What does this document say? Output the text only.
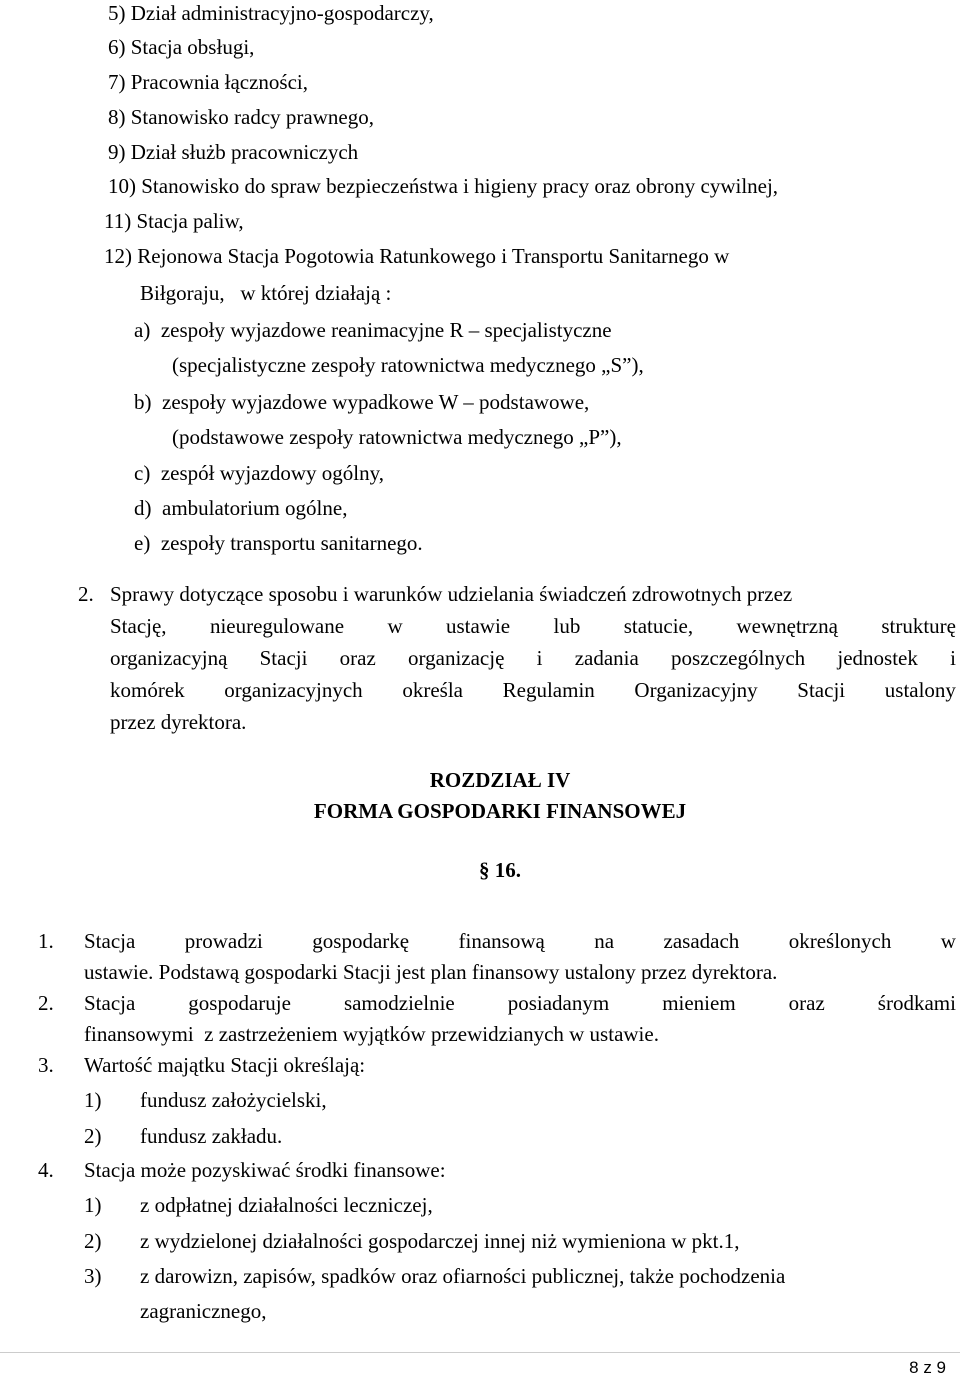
5) Dział administracyjno-gospodarczy,
6) Stacja obsługi,
7) Pracownia łączności,
8) Stanowisko radcy prawnego,
9) Dział służb pracowniczych
10) Stanowisko do spraw bezpieczeństwa i higieny pracy oraz obrony cywilnej,
11) Stacja paliw,
12) Rejonowa Stacja Pogotowia Ratunkowego i Transportu Sanitarnego w
Biłgoraju,   w której działają :
a) zespoły wyjazdowe reanimacyjne R – specjalistyczne
(specjalistyczne zespoły ratownictwa medycznego „S”),
b) zespoły wyjazdowe wypadkowe W – podstawowe,
(podstawowe zespoły ratownictwa medycznego „P”),
c) zespół wyjazdowy ogólny,
d) ambulatorium ogólne,
e) zespoły transportu sanitarnego.
2. Sprawy dotyczące sposobu i warunków udzielania świadczeń zdrowotnych przez
Stację, nieuregulowane w ustawie lub statucie, wewnętrzną strukturę
organizacyjną Stacji oraz organizację i zadania poszczególnych jednostek i
komórek organizacyjnych określa Regulamin Organizacyjny Stacji ustalony
przez dyrektora.
ROZDZIAŁ IV
FORMA GOSPODARKI FINANSOWEJ
§ 16.
1. Stacja prowadzi gospodarkę finansową na zasadach określonych w
ustawie. Podstawą gospodarki Stacji jest plan finansowy ustalony przez dyrektora.
2. Stacja	gospodaruje	samodzielnie	posiadanym	mieniem	oraz	środkami
finansowymi  z zastrzeżeniem wyjątków przewidzianych w ustawie.
3. Wartość majątku Stacji określają:
1) fundusz założycielski,
2) fundusz zakładu.
4. Stacja może pozyskiwać środki finansowe:
1) z odpłatnej działalności leczniczej,
2) z wydzielonej działalności gospodarczej innej niż wymieniona w pkt.1,
3) z darowizn, zapisów, spadków oraz ofiarności publicznej, także pochodzenia
zagranicznego,
8 z 9
